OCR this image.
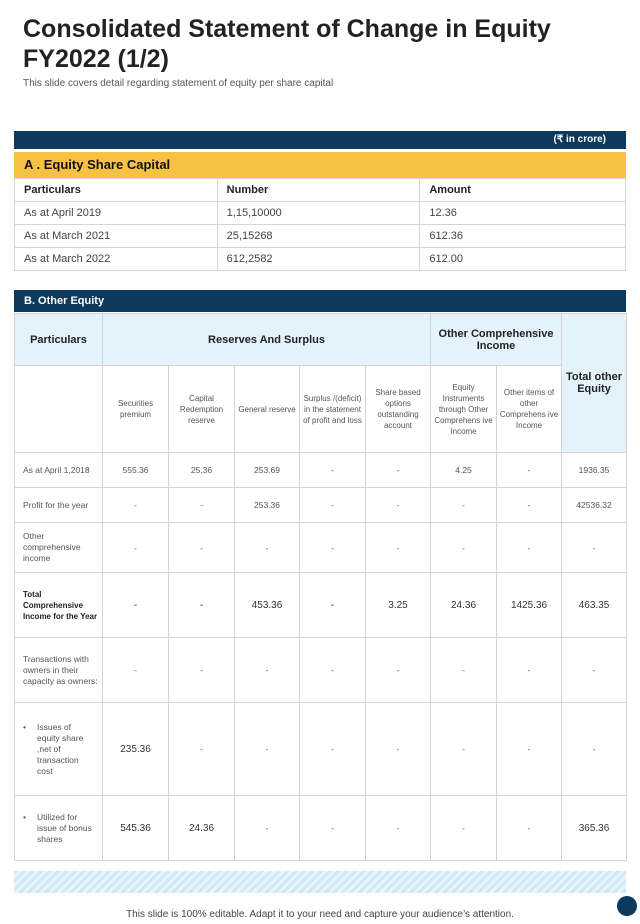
Consolidated Statement of Change in Equity FY2022 (1/2)
This slide covers detail regarding statement of equity per share capital
(₹ in crore)
A . Equity Share Capital
Particulars	Number	Amount
As at April 2019	1,15,10000	12.36
As at March 2021	25,15268	612.36
As at March 2022	612,2582	612.00
B. Other Equity
Particulars	Reserves And Surplus					Other Comprehensive Income		Total other Equity
	Securities premium	Capital Redemption reserve	General reserve	Surplus /(deficit) in the statement of profit and loss	Share based options outstanding account	Equity Instruments through Other Comprehens ive Income	Other items of other Comprehens ive Income	
As at April 1,2018	555.36	25.36	253.69	-	-	4.25	-	1936.35
Profit for the year	-	-	253.36	-	-	-	-	42536.32
Other comprehensive income	-	-	-	-	-	-	-	-
Total Comprehensive Income for the Year	-	-	453.36	-	3.25	24.36	1425.36	463.35
Transactions with owners in their capacity as owners:	-	-	-	-	-	-	-	-
• Issues of equity share ,net of transaction cost	235.36	-	-	-	-	-	-	-
• Utilized for issue of bonus shares	545.36	24.36	-	-	-	-	-	365.36
This slide is 100% editable. Adapt it to your need and capture your audience’s attention.
